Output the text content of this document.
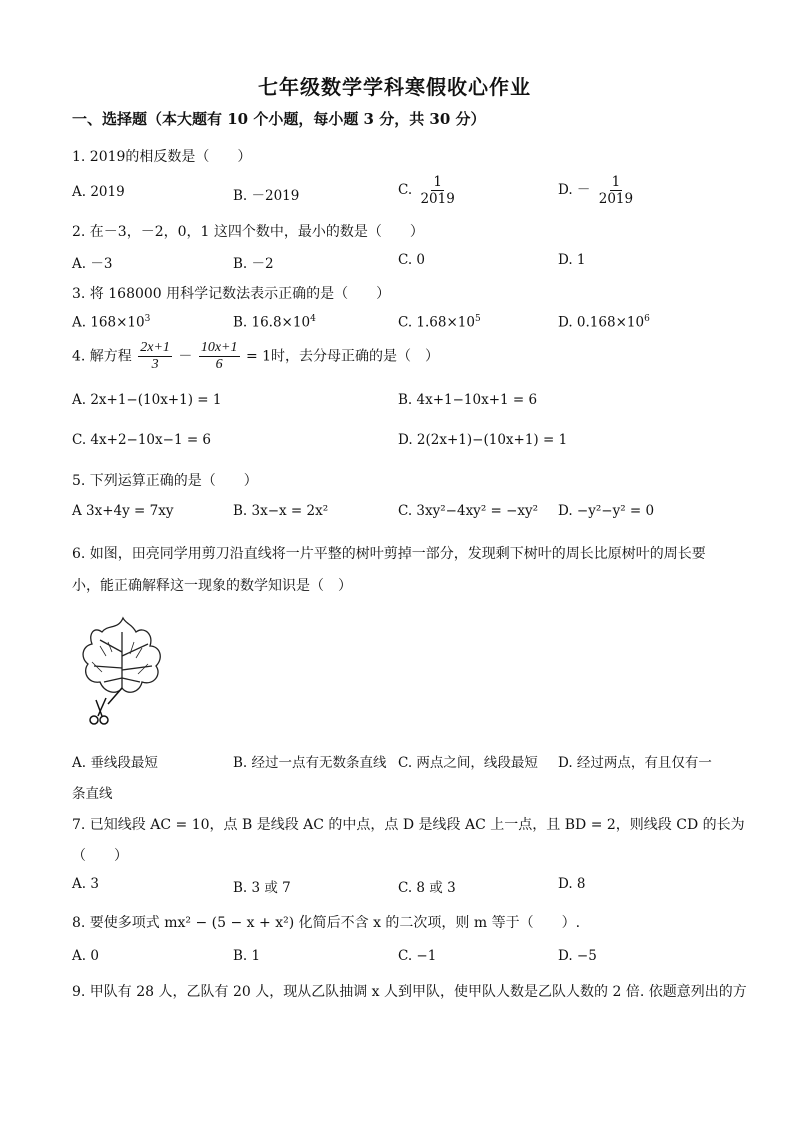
七年级数学学科寒假收心作业
一、选择题（本大题有 10 个小题，每小题 3 分，共 30 分）
1. 2019的相反数是（　　）
A. 2019	B. －2019	C. $\frac{1}{2019}$	D. － $\frac{1}{2019}$
2. 在－3，－2，0，1 这四个数中，最小的数是（　　）
A. －3	B. －2	C. 0	D. 1
3. 将 168000 用科学记数法表示正确的是（　　）
A. $168\times 10^3$	B. $16.8\times 10^4$	C. $1.68\times 10^5$	D. $0.168\times 10^6$
4. 解方程 $\frac{2x+1}{3} - \frac{10x+1}{6} = 1$时，去分母正确的是（　）
A. 2x+1−(10x+1) = 1	B. 4x+1−10x+1 = 6
C. 4x+2−10x−1 = 6	D. 2(2x+1)−(10x+1) = 1
5. 下列运算正确的是（　　）
A 3x+4y = 7xy	B. 3x−x = 2x²	C. 3xy²−4xy² = −xy² D. −y²−y² = 0
6. 如图，田亮同学用剪刀沿直线将一片平整的树叶剪掉一部分，发现剩下树叶的周长比原树叶的周长要
小，能正确解释这一现象的数学知识是（　）
A. 垂线段最短	B. 经过一点有无数条直线 C. 两点之间，线段最短 D. 经过两点，有且仅有一
条直线
7. 已知线段 AC = 10，点 B 是线段 AC 的中点，点 D 是线段 AC 上一点，且 BD = 2，则线段 CD 的长为
（　　）
A. 3	B. 3 或 7	C. 8 或 3	D. 8
8. 要使多项式 mx² − (5 − x + x²) 化简后不含 x 的二次项，则 m 等于（　　）.
A. 0	B. 1	C. −1	D. −5
9. 甲队有 28 人，乙队有 20 人，现从乙队抽调 x 人到甲队，使甲队人数是乙队人数的 2 倍. 依题意列出的方
